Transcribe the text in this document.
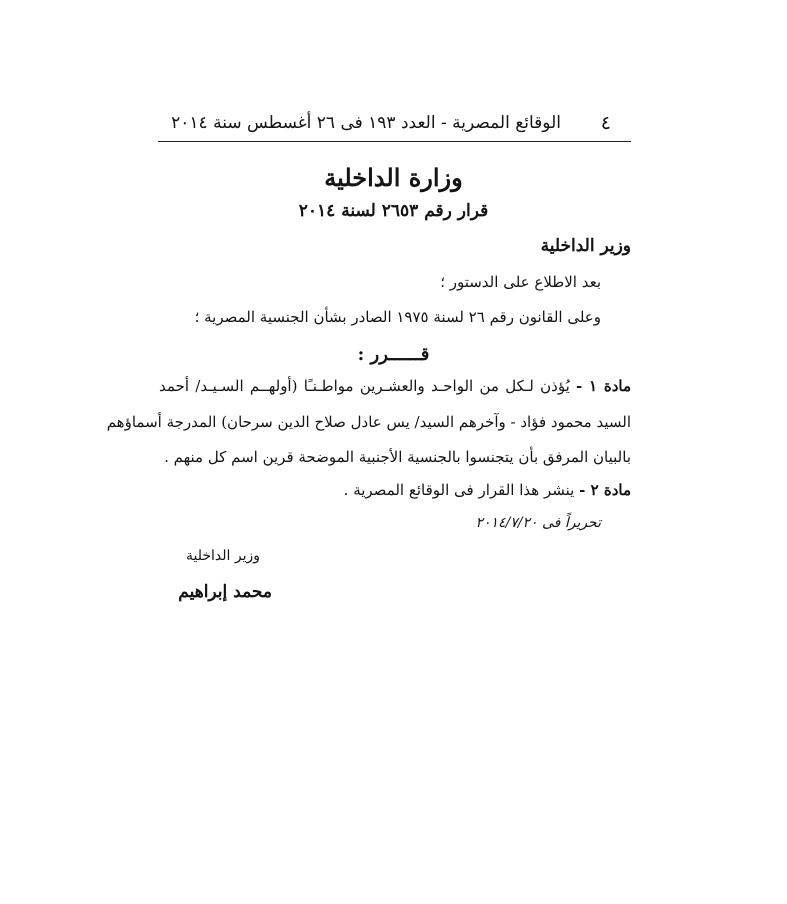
٤
الوقائع المصرية - العدد ١٩٣ فى ٢٦ أغسطس سنة ٢٠١٤
وزارة الداخلية
قرار رقم ٢٦٥٣ لسنة ٢٠١٤
وزير الداخلية
بعد الاطلاع على الدستور ؛
وعلى القانون رقم ٢٦ لسنة ١٩٧٥ الصادر بشأن الجنسية المصرية ؛
قــــــرر :
مادة ١ - يُؤذن لـكل من الواحـد والعشـرين مواطـنـًا (أولهــم السـيـد/ أحمد
السيد محمود فؤاد - وآخرهم السيد/ يس عادل صلاح الدين سرحان) المدرجة أسماؤهم
بالبيان المرفق بأن يتجنسوا بالجنسية الأجنبية الموضحة قرين اسم كل منهم .
مادة ٢ - ينشر هذا القرار فى الوقائع المصرية .
تحريراً فى ٢٠١٤/٧/٢٠
وزير الداخلية
محمد إبراهيم
